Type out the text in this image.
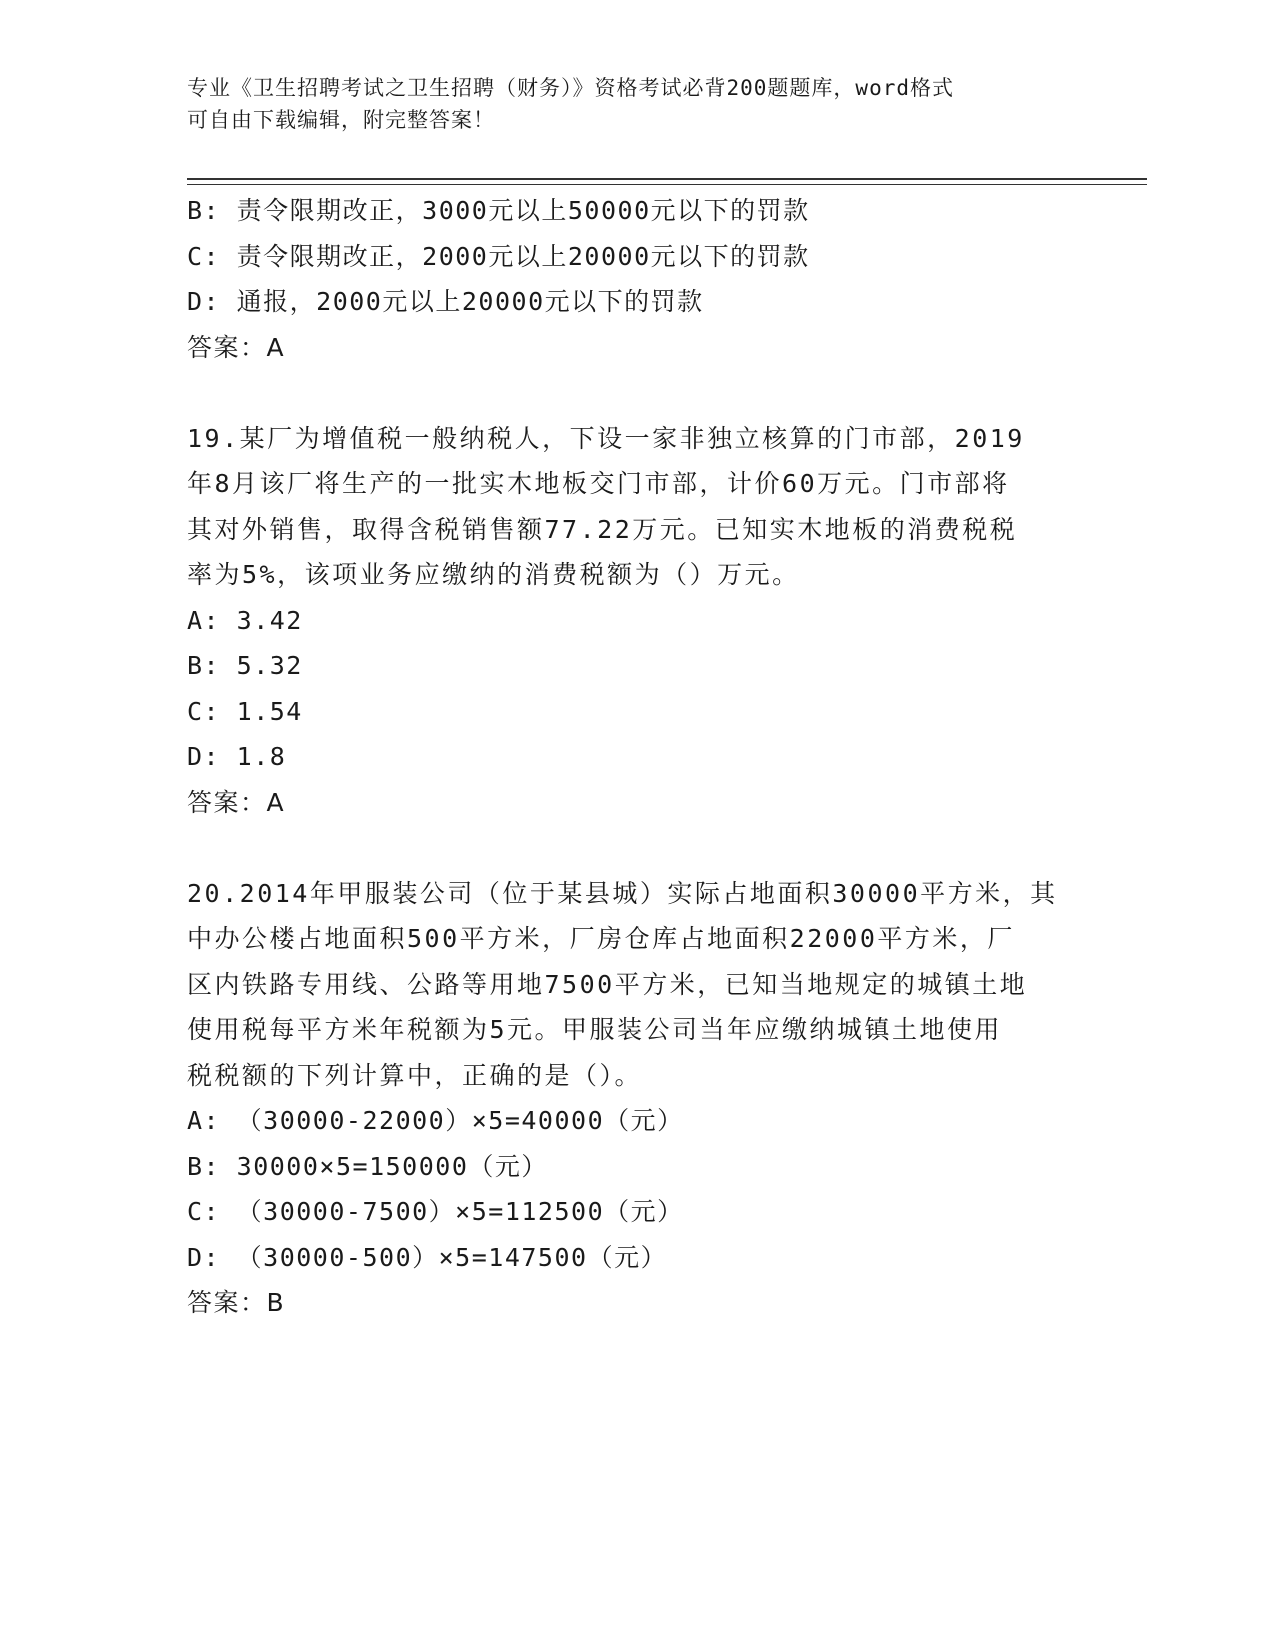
专业《卫生招聘考试之卫生招聘（财务）》资格考试必背200题题库，word格式
可自由下载编辑，附完整答案！
B: 责令限期改正，3000元以上50000元以下的罚款
C: 责令限期改正，2000元以上20000元以下的罚款
D: 通报，2000元以上20000元以下的罚款
答案：A
19.某厂为增值税一般纳税人，下设一家非独立核算的门市部，2019
年8月该厂将生产的一批实木地板交门市部，计价60万元。门市部将
其对外销售，取得含税销售额77.22万元。已知实木地板的消费税税
率为5%，该项业务应缴纳的消费税额为（）万元。
A: 3.42
B: 5.32
C: 1.54
D: 1.8
答案：A
20.2014年甲服装公司（位于某县城）实际占地面积30000平方米，其
中办公楼占地面积500平方米，厂房仓库占地面积22000平方米，厂
区内铁路专用线、公路等用地7500平方米，已知当地规定的城镇土地
使用税每平方米年税额为5元。甲服装公司当年应缴纳城镇土地使用
税税额的下列计算中，正确的是（）。
A: （30000-22000）×5=40000（元）
B: 30000×5=150000（元）
C: （30000-7500）×5=112500（元）
D: （30000-500）×5=147500（元）
答案：B
